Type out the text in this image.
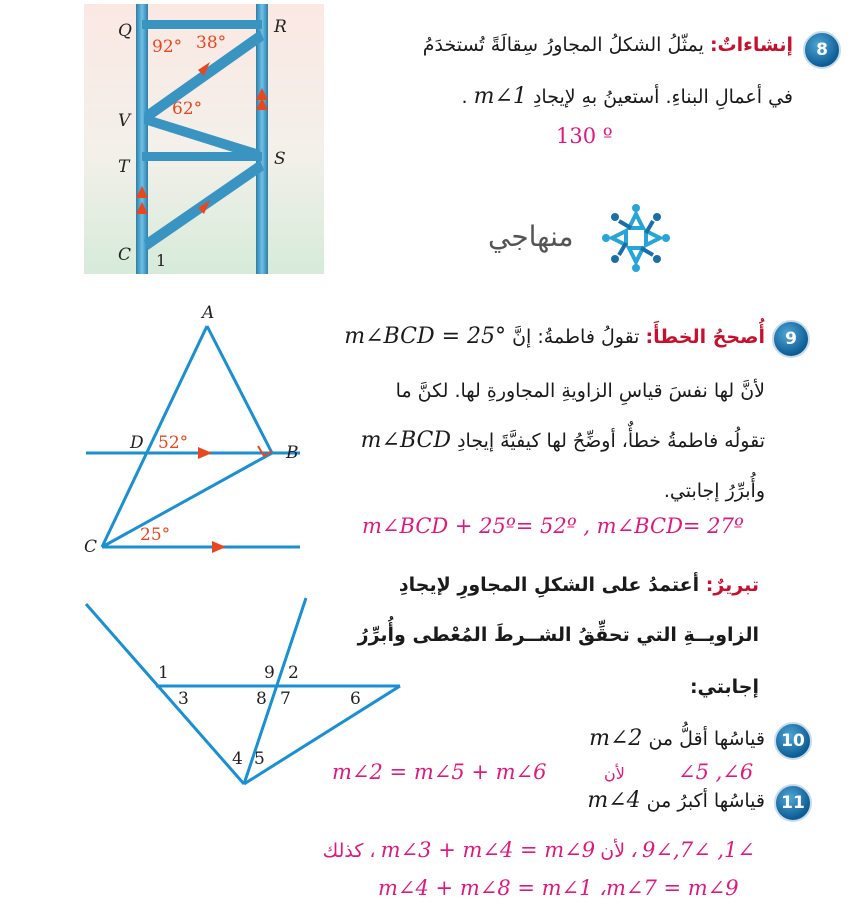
Q	R
V
T	S
C 1
92° 38°
62°
8
إنشاءاتٌ: يمثّلُ الشكلُ المجاورُ سِقالَةً تُستخدَمُ
في أعمالِ البناءِ. أستعينُ بهِ لإيجادِ m∠1 .
130 º
منهاجي
A
D	B
C
52°
25°
9
أُصححُ الخطأَ: تقولُ فاطمةُ: إنَّ m∠BCD = 25°
لأنَّ لها نفسَ قياسِ الزاويةِ المجاورةِ لها. لكنَّ ما
تقولُه فاطمةُ خطأٌ، أوضِّحُ لها كيفيَّةَ إيجادِ m∠BCD
وأُبرِّرُ إجابتي.
m∠BCD + 25º= 52º , m∠BCD= 27º
1	9 2
3	8 7	6
4 5
تبريرٌ: أعتمدُ على الشكلِ المجاورِ لإيجادِ
الزاويــةِ التي تحقِّقُ الشــرطَ المُعْطى وأُبرِّرُ
إجابتي:
10
قياسُها أقلُّ من m∠2
m∠2 = m∠5 + m∠6	لأن	∠5 ,∠6
11
قياسُها أكبرُ من m∠4
∠1, ∠7,∠9 ، لأن m∠3 + m∠4 = m∠9 ، كذلك
m∠4 + m∠8 = m∠1 ،m∠7 = m∠9
